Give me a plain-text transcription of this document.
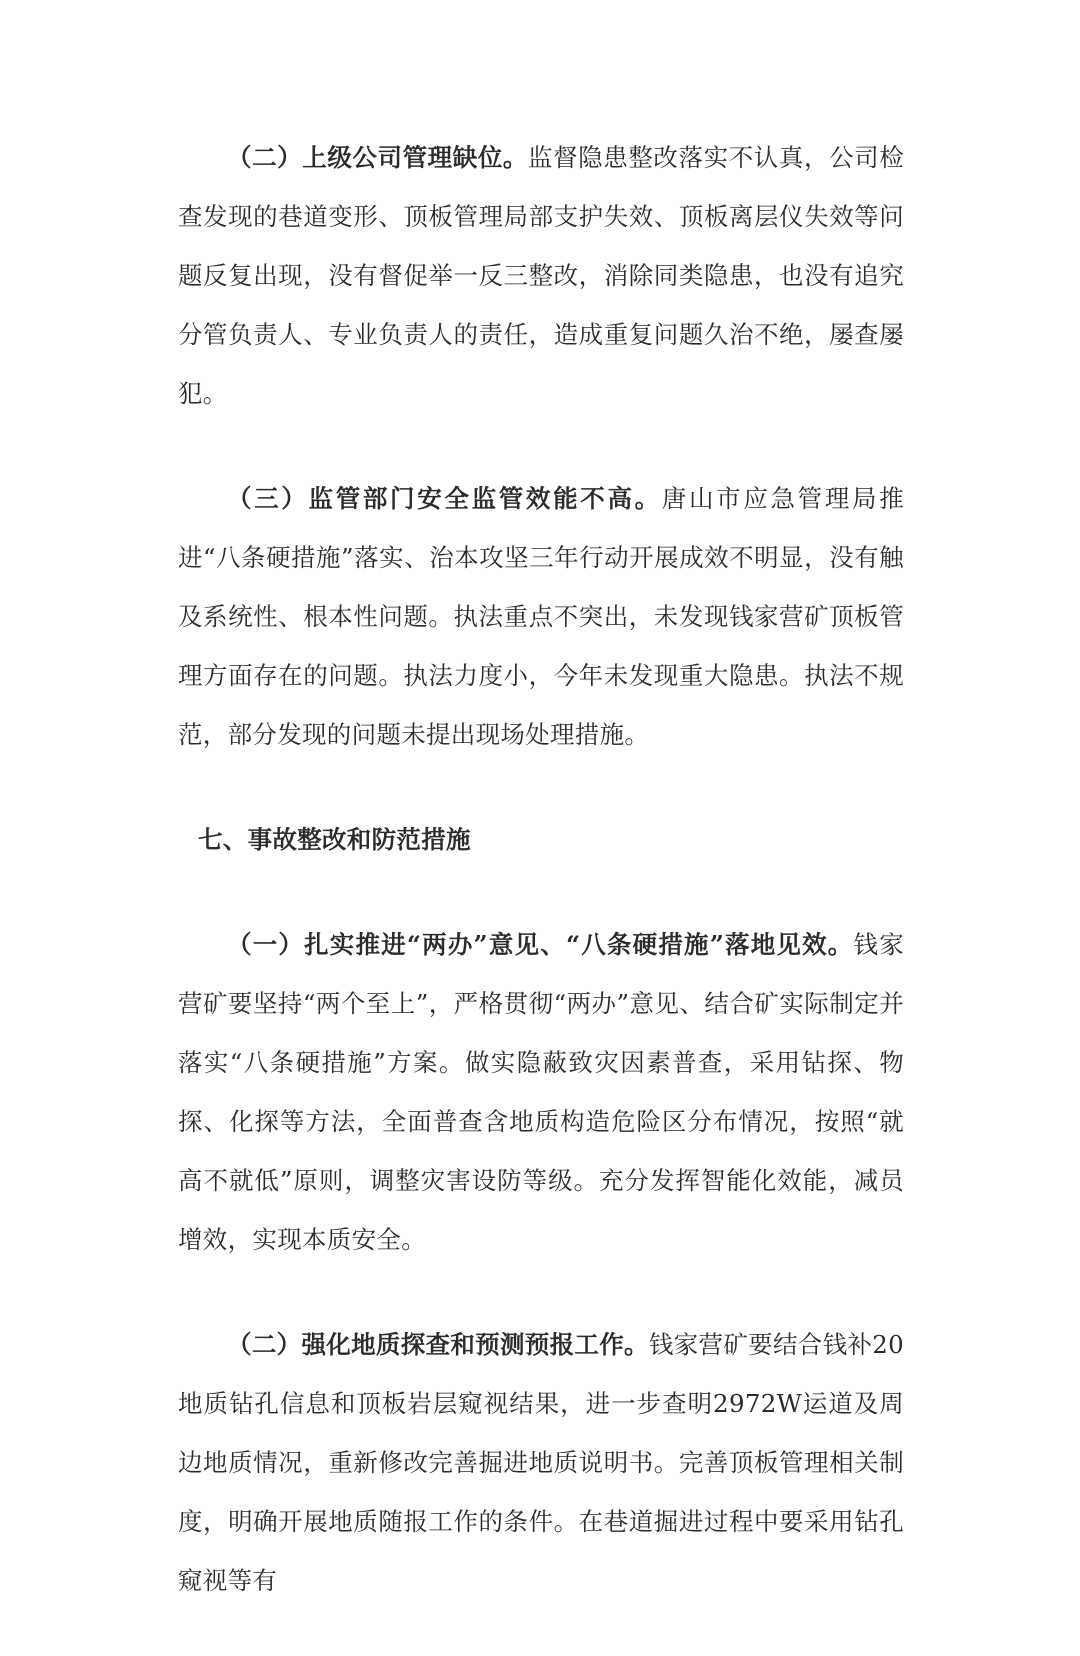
（二）上级公司管理缺位。监督隐患整改落实不认真，公司检查发现的巷道变形、顶板管理局部支护失效、顶板离层仪失效等问题反复出现，没有督促举一反三整改，消除同类隐患，也没有追究分管负责人、专业负责人的责任，造成重复问题久治不绝，屡查屡犯。

（三）监管部门安全监管效能不高。唐山市应急管理局推进“八条硬措施”落实、治本攻坚三年行动开展成效不明显，没有触及系统性、根本性问题。执法重点不突出，未发现钱家营矿顶板管理方面存在的问题。执法力度小，今年未发现重大隐患。执法不规范，部分发现的问题未提出现场处理措施。

七、事故整改和防范措施

（一）扎实推进“两办”意见、“八条硬措施”落地见效。钱家营矿要坚持“两个至上”，严格贯彻“两办”意见、结合矿实际制定并落实“八条硬措施”方案。做实隐蔽致灾因素普查，采用钻探、物探、化探等方法，全面普查含地质构造危险区分布情况，按照“就高不就低”原则，调整灾害设防等级。充分发挥智能化效能，减员增效，实现本质安全。

（二）强化地质探查和预测预报工作。钱家营矿要结合钱补20地质钻孔信息和顶板岩层窥视结果，进一步查明2972W运道及周边地质情况，重新修改完善掘进地质说明书。完善顶板管理相关制度，明确开展地质随报工作的条件。在巷道掘进过程中要采用钻孔窥视等有
